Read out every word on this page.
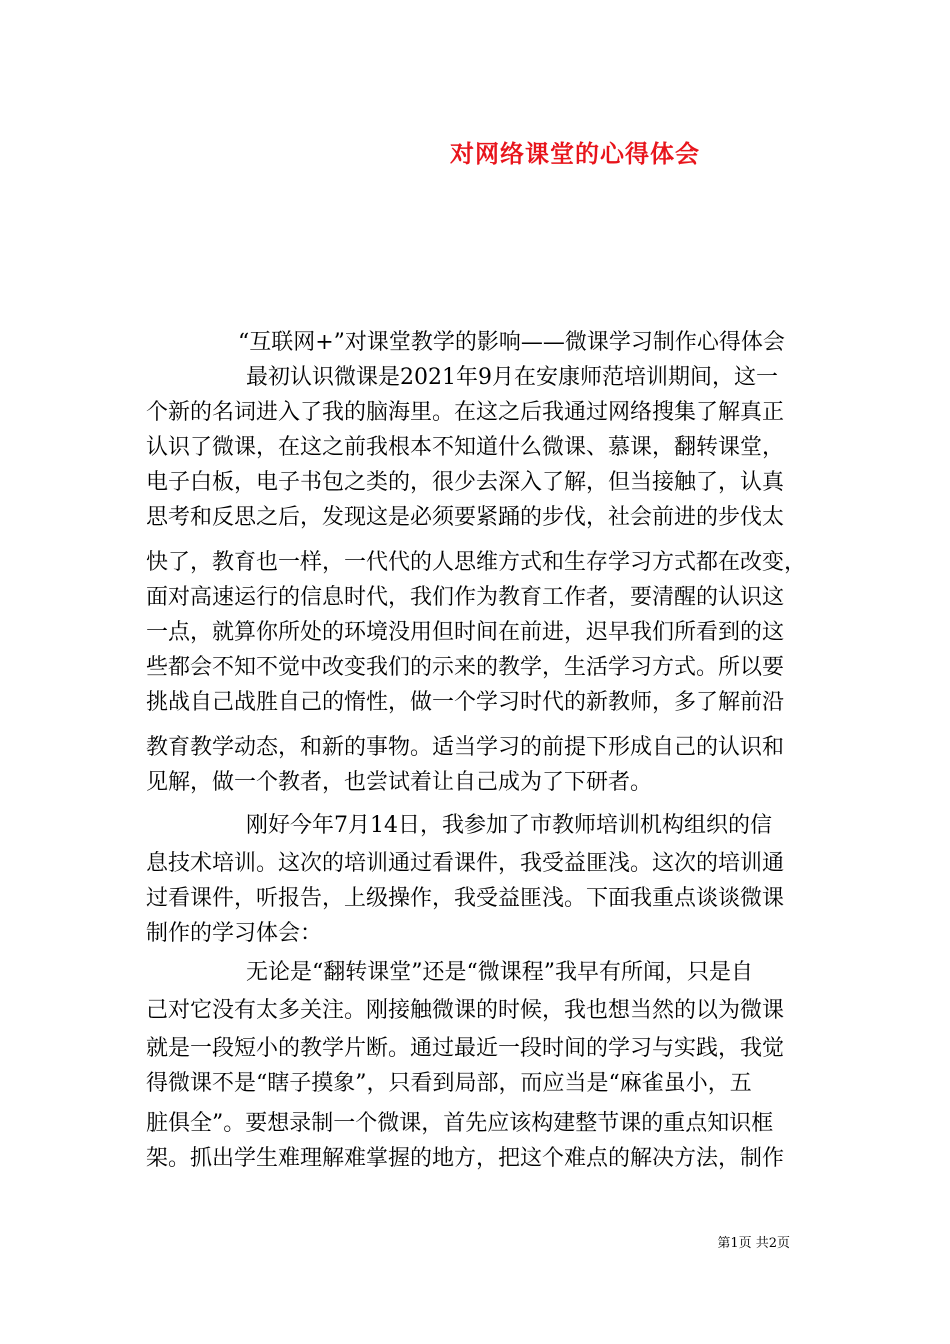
对网络课堂的心得体会
“互联网+”对课堂教学的影响——微课学习制作心得体会
最初认识微课是2021年9月在安康师范培训期间，这一
个新的名词进入了我的脑海里。在这之后我通过网络搜集了解真正
认识了微课，在这之前我根本不知道什么微课、慕课，翻转课堂，
电子白板，电子书包之类的，很少去深入了解，但当接触了，认真
思考和反思之后，发现这是必须要紧踊的步伐，社会前进的步伐太
快了，教育也一样，一代代的人思维方式和生存学习方式都在改变，
面对高速运行的信息时代，我们作为教育工作者，要清醒的认识这
一点，就算你所处的环境没用但时间在前进，迟早我们所看到的这
些都会不知不觉中改变我们的示来的教学，生活学习方式。所以要
挑战自己战胜自己的惰性，做一个学习时代的新教师，多了解前沿
教育教学动态，和新的事物。适当学习的前提下形成自己的认识和
见解，做一个教者，也尝试着让自己成为了下研者。
刚好今年7月14日，我参加了市教师培训机构组织的信
息技术培训。这次的培训通过看课件，我受益匪浅。这次的培训通
过看课件，听报告，上级操作，我受益匪浅。下面我重点谈谈微课
制作的学习体会：
无论是“翻转课堂”还是“微课程”我早有所闻，只是自
己对它没有太多关注。刚接触微课的时候，我也想当然的以为微课
就是一段短小的教学片断。通过最近一段时间的学习与实践，我觉
得微课不是“瞎子摸象”，只看到局部，而应当是“麻雀虽小，五
脏俱全”。要想录制一个微课，首先应该构建整节课的重点知识框
架。抓出学生难理解难掌握的地方，把这个难点的解决方法，制作
第1页 共2页
